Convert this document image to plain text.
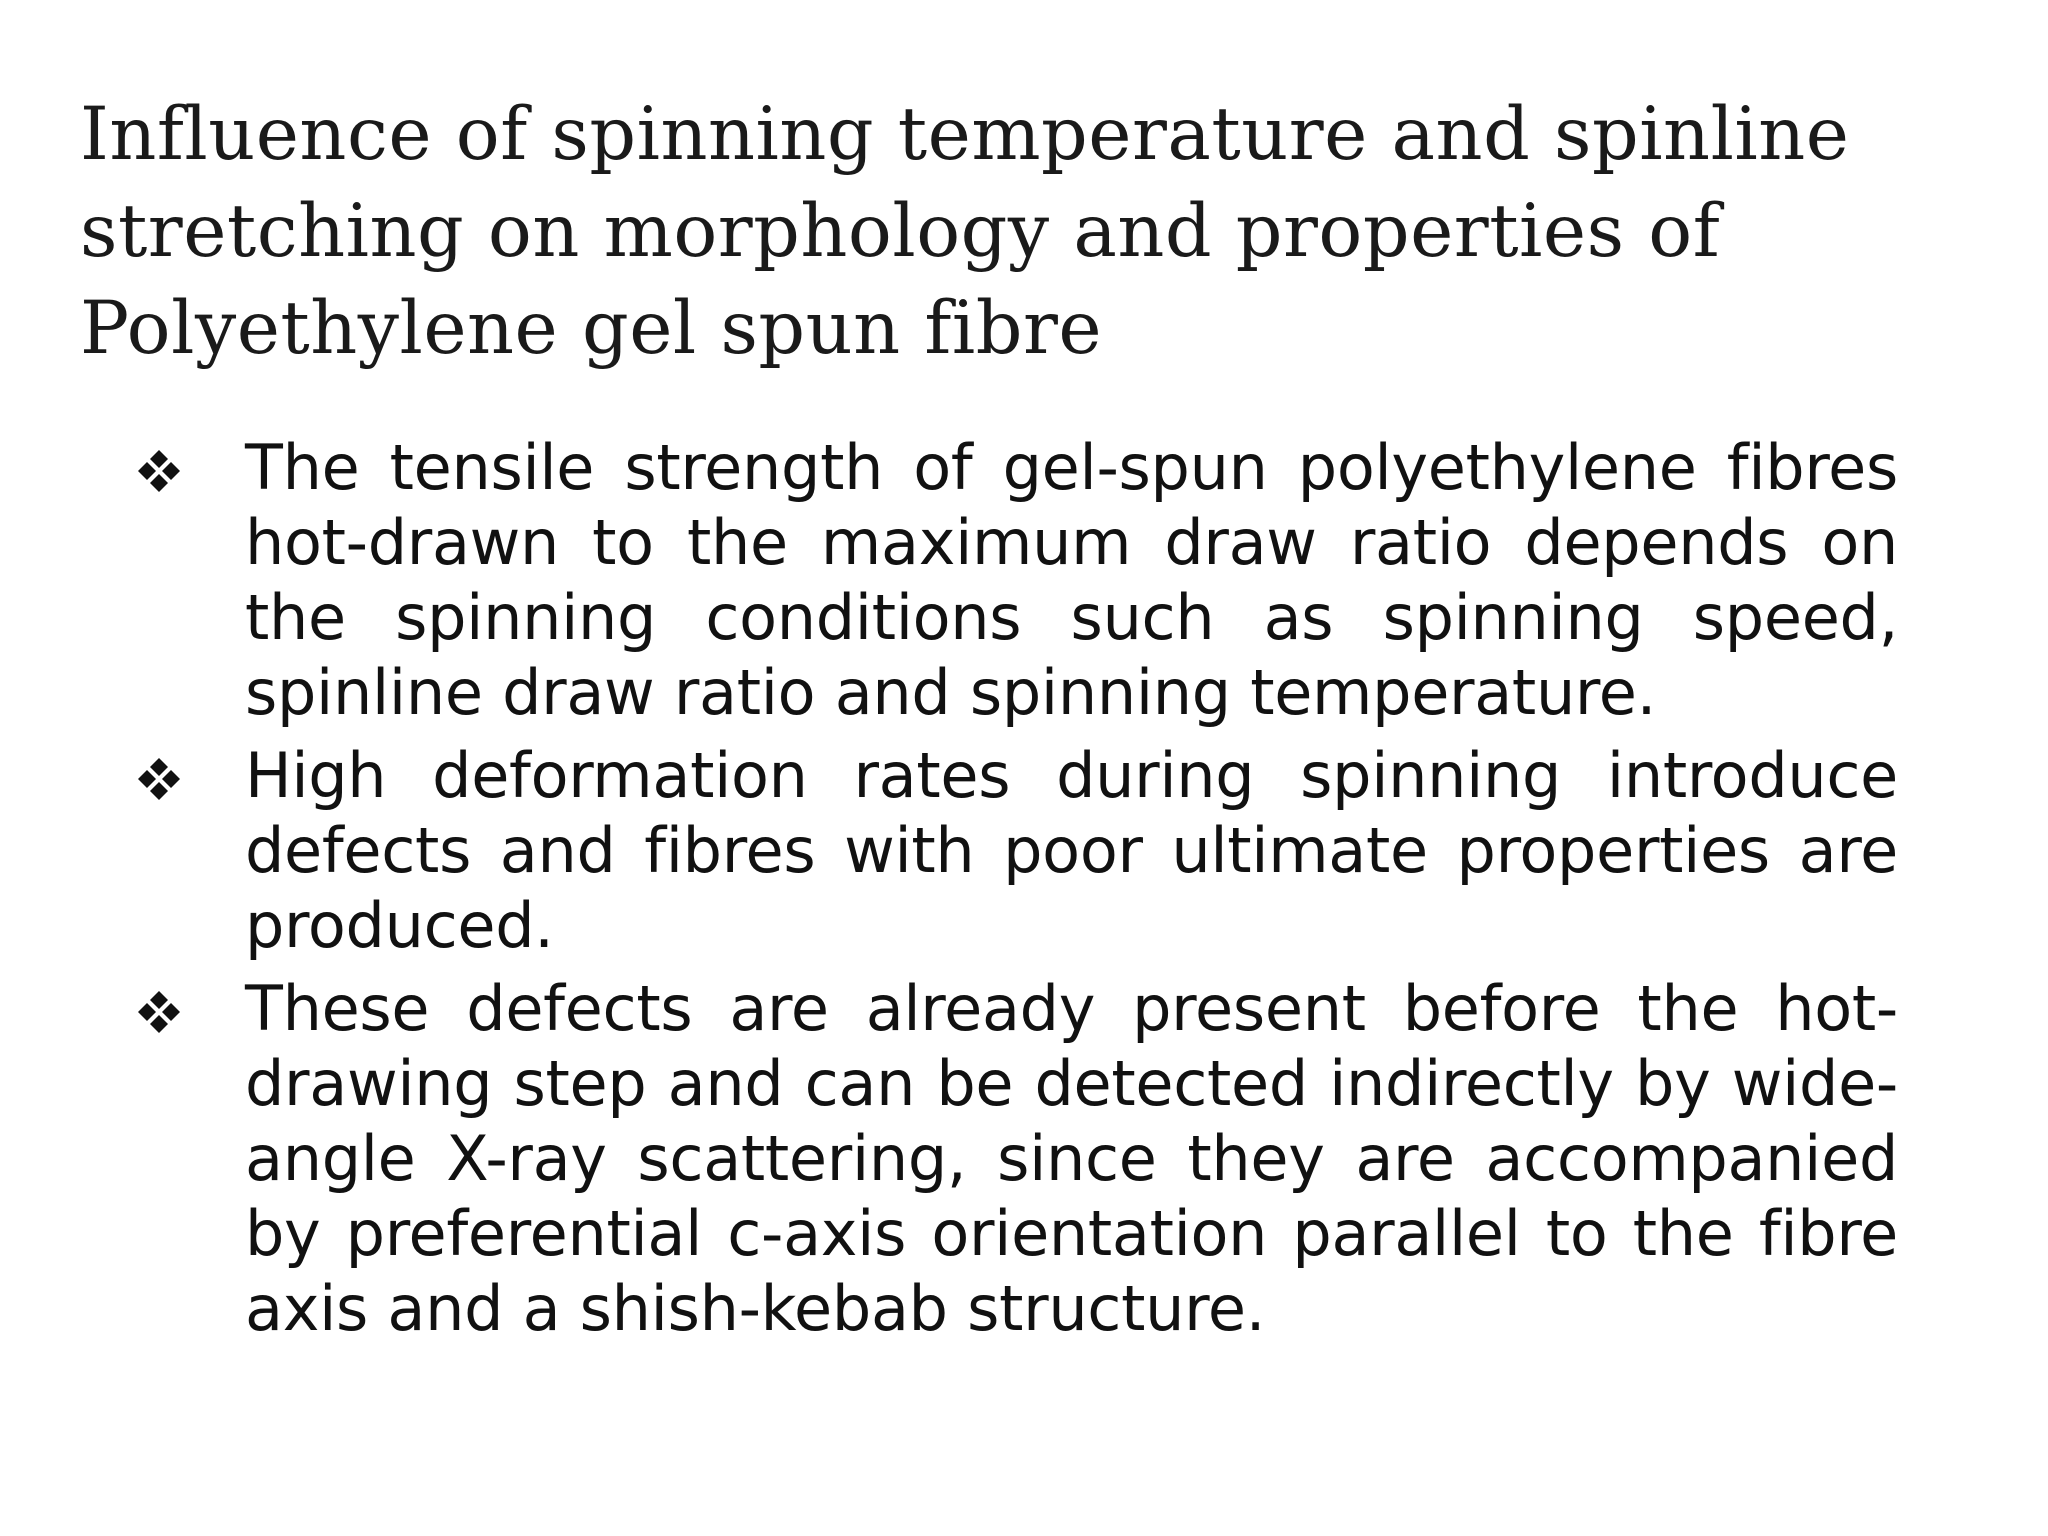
Influence of spinning temperature and spinline
stretching on morphology and properties of
Polyethylene gel spun fibre
The tensile strength of gel-spun polyethylene fibres hot-drawn to the maximum draw ratio depends on the spinning conditions such as spinning speed, spinline draw ratio and spinning temperature.
High deformation rates during spinning introduce defects and fibres with poor ultimate properties are produced.
These defects are already present before the hot-drawing step and can be detected indirectly by wide-angle X-ray scattering, since they are accompanied by preferential c-axis orientation parallel to the fibre axis and a shish-kebab structure.
